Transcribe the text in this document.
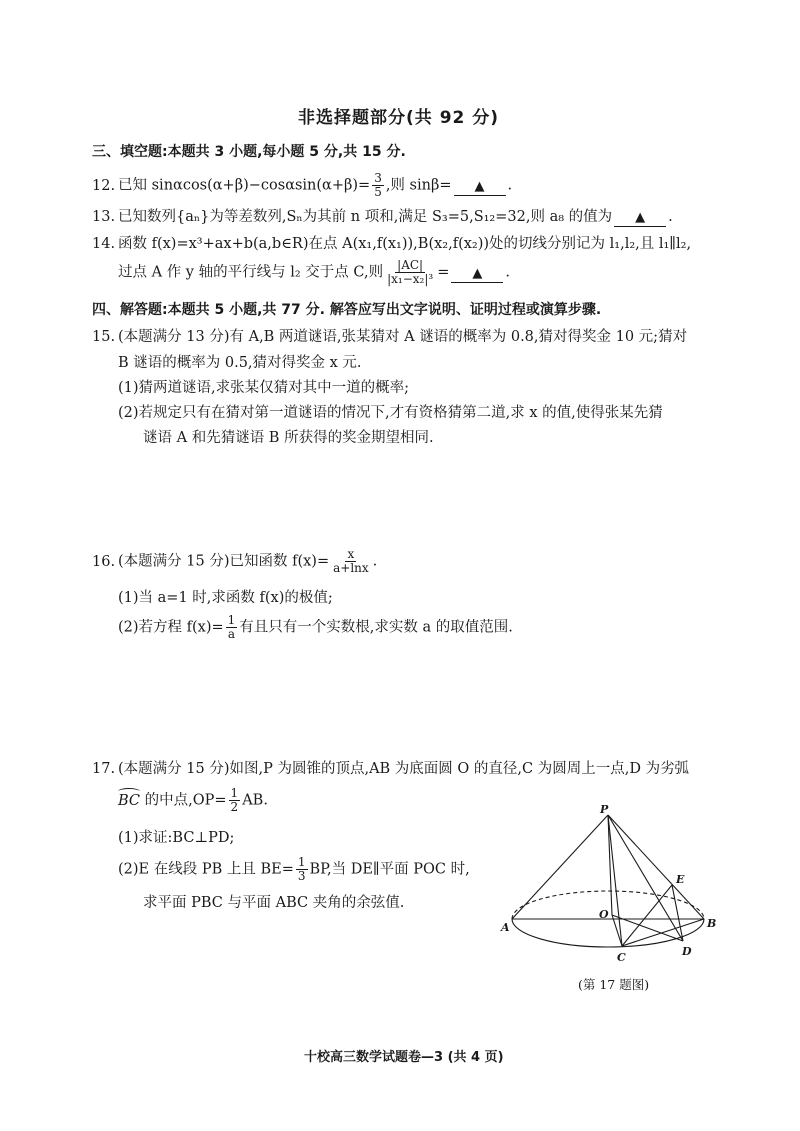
非选择题部分(共 92 分)
三、填空题:本题共 3 小题,每小题 5 分,共 15 分.
12. 已知 $\sin\alpha\cos(\alpha+\beta)-\cos\alpha\sin(\alpha+\beta)= \frac{3}{5}$ ,则 sinβ= ▲ .
13. 已知数列{aₙ}为等差数列,Sₙ为其前 n 项和,满足 S₃=5,S₁₂=32,则 a₈ 的值为 ▲ .
14. 函数 f(x)=x³+ax+b(a,b∈R)在点 A(x₁,f(x₁)),B(x₂,f(x₂))处的切线分别记为 l₁,l₂,且 l₁∥l₂,
过点 A 作 y 轴的平行线与 l₂ 交于点 C,则 $\frac{|AC|}{\text{|x₁−x₂|³}}$ = ▲ .
四、解答题:本题共 5 小题,共 77 分. 解答应写出文字说明、证明过程或演算步骤.
15. (本题满分 13 分)有 A,B 两道谜语,张某猜对 A 谜语的概率为 0.8,猜对得奖金 10 元;猜对
B 谜语的概率为 0.5,猜对得奖金 x 元.
(1)猜两道谜语,求张某仅猜对其中一道的概率;
(2)若规定只有在猜对第一道谜语的情况下,才有资格猜第二道,求 x 的值,使得张某先猜
谜语 A 和先猜谜语 B 所获得的奖金期望相同.
16. (本题满分 15 分)已知函数 $f(x)= \frac{x}{a+\ln x}$ .
(1)当 a=1 时,求函数 f(x)的极值;
(2)若方程 $f(x)= \frac{1}{a}$ 有且只有一个实数根,求实数 a 的取值范围.
17. (本题满分 15 分)如图,P 为圆锥的顶点,AB 为底面圆 O 的直径,C 为圆周上一点,D 为劣弧
BC 的中点$,OP= \frac{1}{2}$ AB.
(1)求证:BC⊥PD;
(2)E 在线段 PB 上且 $BE= \frac{1}{3}$ BP,当 DE∥平面 POC 时,
求平面 PBC 与平面 ABC 夹角的余弦值.
P
E
O
A	B
C	D
(第 17 题图)
十校高三数学试题卷—3 (共 4 页)
